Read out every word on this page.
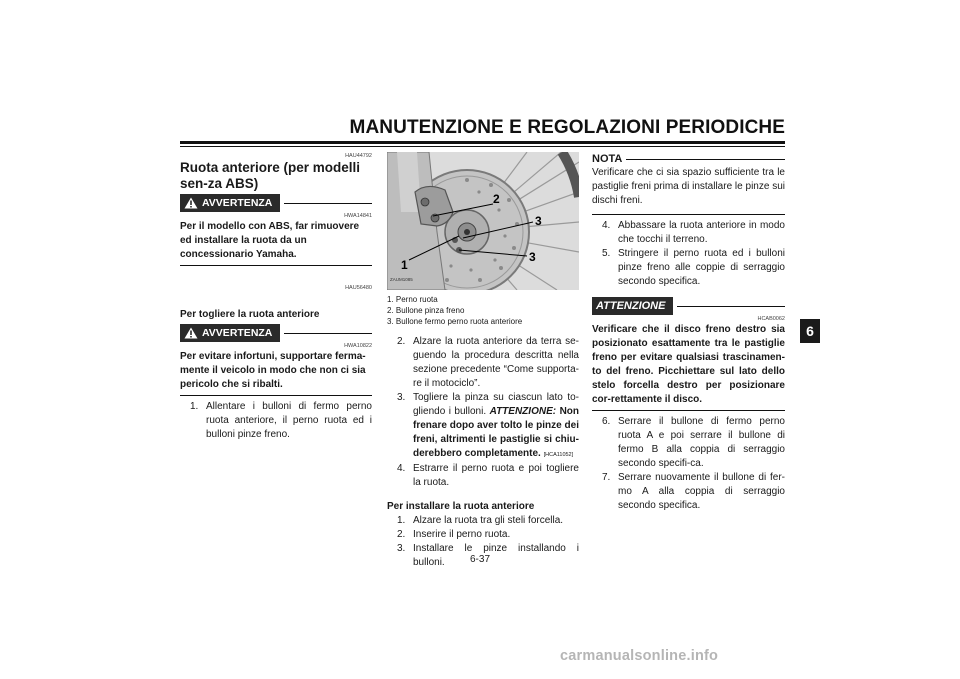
MANUTENZIONE E REGOLAZIONI PERIODICHE
6
HAU44792
Ruota anteriore (per modelli sen-za ABS)
AVVERTENZA
HWA14841
Per il modello con ABS, far rimuovere ed installare la ruota da un concessionario Yamaha.
HAU56480
Per togliere la ruota anteriore
AVVERTENZA
HWA10822
Per evitare infortuni, supportare ferma-mente il veicolo in modo che non ci sia pericolo che si ribalti.
1. Allentare i bulloni di fermo perno ruota anteriore, il perno ruota ed i bulloni pinze freno.
1
2
3
3
ZAUM1085
1. Perno ruota
2. Bullone pinza freno
3. Bullone fermo perno ruota anteriore
2. Alzare la ruota anteriore da terra se-guendo la procedura descritta nella sezione precedente “Come supporta-re il motociclo”.
3. Togliere la pinza su ciascun lato to-gliendo i bulloni. ATTENZIONE: Non frenare dopo aver tolto le pinze dei freni, altrimenti le pastiglie si chiu-derebbero completamente. [HCA11052]
4. Estrarre il perno ruota e poi togliere la ruota.
Per installare la ruota anteriore
1. Alzare la ruota tra gli steli forcella.
2. Inserire il perno ruota.
3. Installare le pinze installando i bulloni.
NOTA
Verificare che ci sia spazio sufficiente tra le pastiglie freni prima di installare le pinze sui dischi freni.
4. Abbassare la ruota anteriore in modo che tocchi il terreno.
5. Stringere il perno ruota ed i bulloni pinze freno alle coppie di serraggio secondo specifica.
ATTENZIONE
HCAB0062
Verificare che il disco freno destro sia posizionato esattamente tra le pastiglie freno per evitare qualsiasi trascinamen-to del freno. Picchiettare sul lato dello stelo forcella destro per posizionare cor-rettamente il disco.
6. Serrare il bullone di fermo perno ruota A e poi serrare il bullone di fermo B alla coppia di serraggio secondo specifi-ca.
7. Serrare nuovamente il bullone di fer-mo A alla coppia di serraggio secondo specifica.
6-37
carmanualsonline.info
